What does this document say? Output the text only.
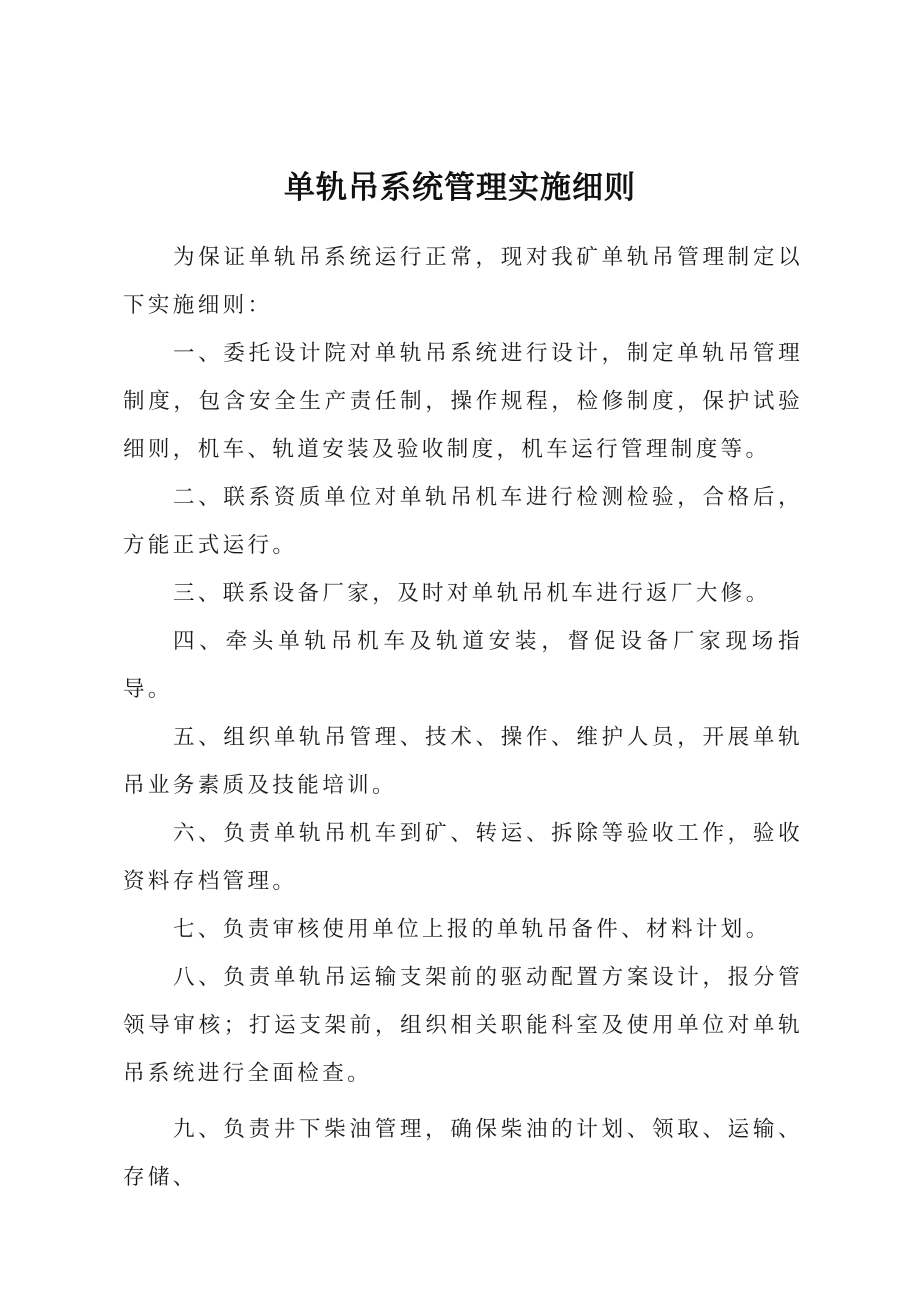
单轨吊系统管理实施细则

为保证单轨吊系统运行正常，现对我矿单轨吊管理制定以下实施细则：

一、委托设计院对单轨吊系统进行设计，制定单轨吊管理制度，包含安全生产责任制，操作规程，检修制度，保护试验细则，机车、轨道安装及验收制度，机车运行管理制度等。

二、联系资质单位对单轨吊机车进行检测检验，合格后，方能正式运行。

三、联系设备厂家，及时对单轨吊机车进行返厂大修。

四、牵头单轨吊机车及轨道安装，督促设备厂家现场指导。

五、组织单轨吊管理、技术、操作、维护人员，开展单轨吊业务素质及技能培训。

六、负责单轨吊机车到矿、转运、拆除等验收工作，验收资料存档管理。

七、负责审核使用单位上报的单轨吊备件、材料计划。

八、负责单轨吊运输支架前的驱动配置方案设计，报分管领导审核；打运支架前，组织相关职能科室及使用单位对单轨吊系统进行全面检查。

九、负责井下柴油管理，确保柴油的计划、领取、运输、存储、
